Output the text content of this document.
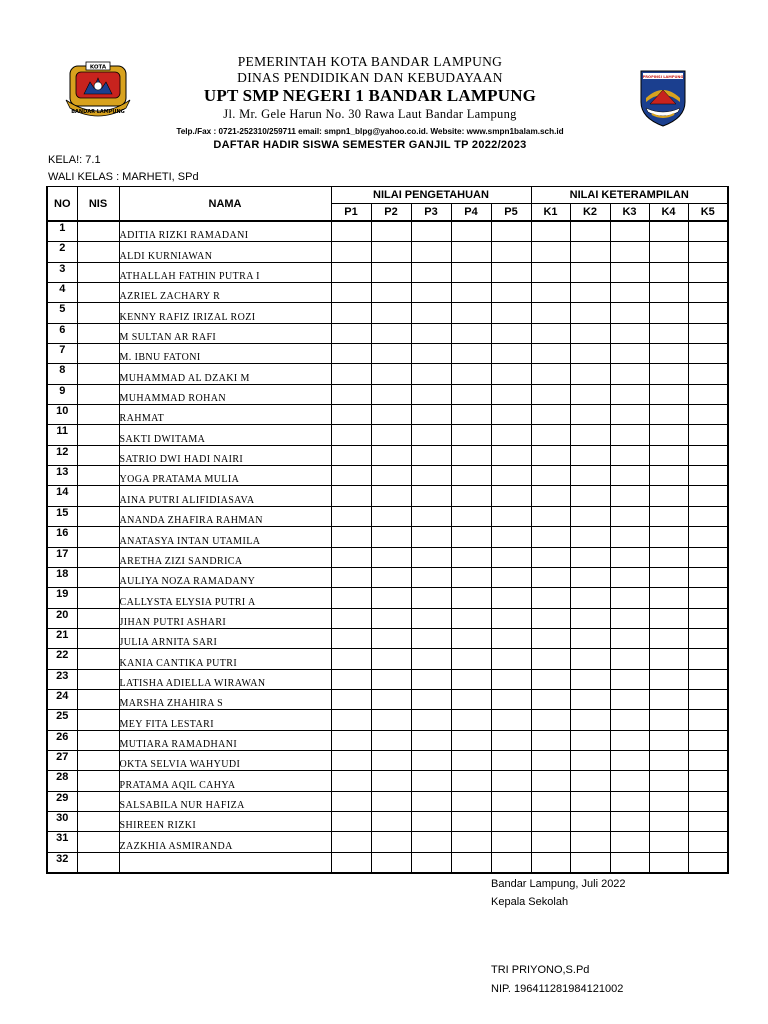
KOTA
BANDAR LAMPUNG
PROPINSI LAMPUNG
PEMERINTAH KOTA BANDAR LAMPUNG
DINAS PENDIDIKAN DAN KEBUDAYAAN
UPT SMP NEGERI 1 BANDAR LAMPUNG
Jl. Mr. Gele Harun No. 30 Rawa Laut Bandar Lampung
Telp./Fax : 0721-252310/259711 email: smpn1_blpg@yahoo.co.id. Website: www.smpn1balam.sch.id
DAFTAR HADIR SISWA SEMESTER GANJIL TP 2022/2023
KELA!: 7.1
WALI KELAS : MARHETI, SPd
NO	NIS	NAMA	NILAI PENGETAHUAN					NILAI KETERAMPILAN				
			P1	P2	P3	P4	P5	K1	K2	K3	K4	K5
1		ADITIA RIZKI RAMADANI										
2		ALDI KURNIAWAN										
3		ATHALLAH FATHIN PUTRA I										
4		AZRIEL ZACHARY R										
5		KENNY RAFIZ IRIZAL ROZI										
6		M SULTAN AR RAFI										
7		M. IBNU FATONI										
8		MUHAMMAD AL DZAKI M										
9		MUHAMMAD ROHAN										
10		RAHMAT										
11		SAKTI DWITAMA										
12		SATRIO DWI HADI NAIRI										
13		YOGA PRATAMA MULIA										
14		AINA PUTRI ALIFIDIASAVA										
15		ANANDA ZHAFIRA RAHMAN										
16		ANATASYA INTAN UTAMILA										
17		ARETHA ZIZI SANDRICA										
18		AULIYA NOZA RAMADANY										
19		CALLYSTA ELYSIA PUTRI A										
20		JIHAN PUTRI ASHARI										
21		JULIA ARNITA SARI										
22		KANIA CANTIKA PUTRI										
23		LATISHA ADIELLA WIRAWAN										
24		MARSHA ZHAHIRA S										
25		MEY FITA LESTARI										
26		MUTIARA RAMADHANI										
27		OKTA SELVIA WAHYUDI										
28		PRATAMA AQIL CAHYA										
29		SALSABILA NUR HAFIZA										
30		SHIREEN RIZKI										
31		ZAZKHIA ASMIRANDA										
32												
Bandar Lampung, Juli 2022
Kepala Sekolah
TRI PRIYONO,S.Pd
NIP. 196411281984121002
